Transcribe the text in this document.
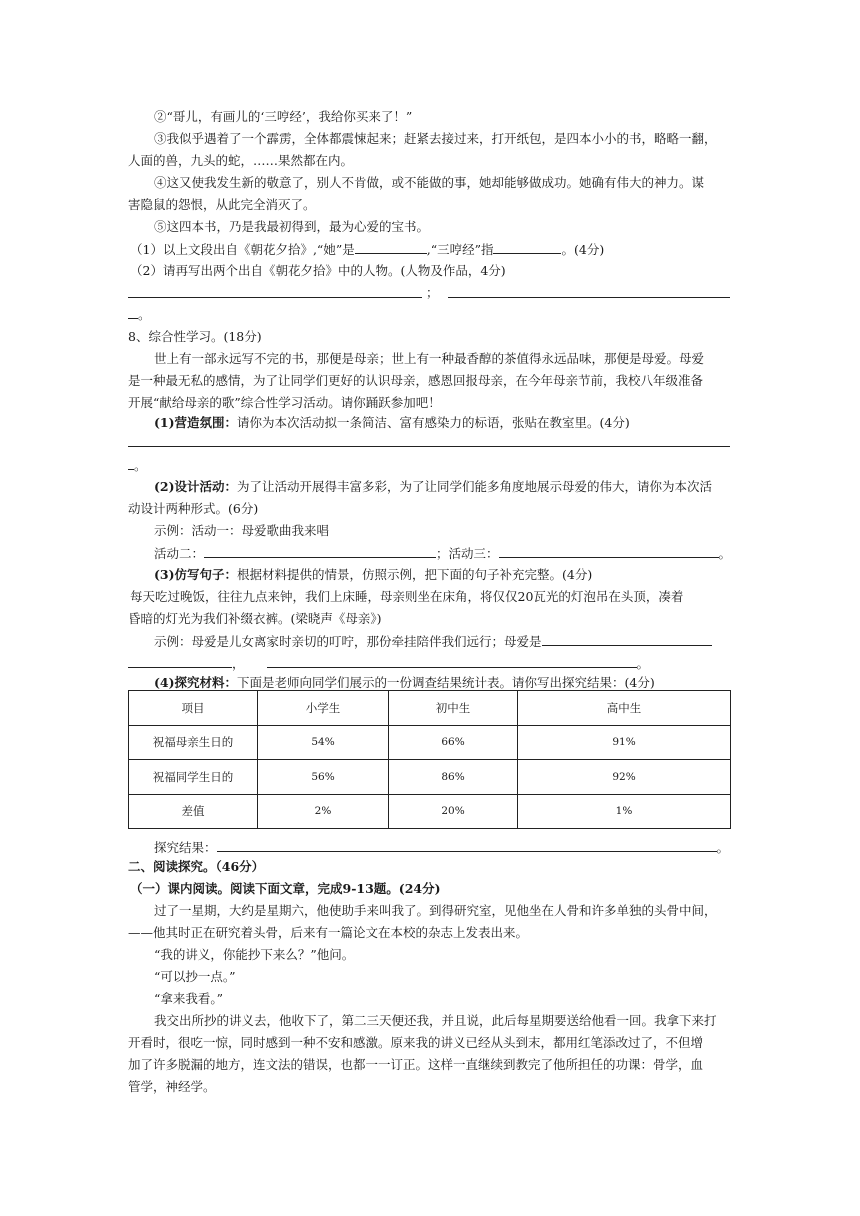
②“哥儿，有画儿的‘三哼经’，我给你买来了！”
③我似乎遇着了一个霹雳，全体都震悚起来；赶紧去接过来，打开纸包，是四本小小的书，略略一翻，
人面的兽，九头的蛇，……果然都在内。
④这又使我发生新的敬意了，别人不肯做，或不能做的事，她却能够做成功。她确有伟大的神力。谋
害隐鼠的怨恨，从此完全消灭了。
⑤这四本书，乃是我最初得到，最为心爱的宝书。
（1）以上文段出自《朝花夕拾》,“她”是	,“三哼经”指	。(4分)
（2）请再写出两个出自《朝花夕拾》中的人物。(人物及作品，4分)
；
。
8、综合性学习。(18分)
世上有一部永远写不完的书，那便是母亲；世上有一种最香醇的茶值得永远品味，那便是母爱。母爱
是一种最无私的感情，为了让同学们更好的认识母亲，感恩回报母亲，在今年母亲节前，我校八年级准备
开展“献给母亲的歌”综合性学习活动。请你踊跃参加吧！
(1)营造氛围：请你为本次活动拟一条简洁、富有感染力的标语，张贴在教室里。(4分)
。
(2)设计活动：为了让活动开展得丰富多彩，为了让同学们能多角度地展示母爱的伟大，请你为本次活
动设计两种形式。(6分)
示例：活动一：母爱歌曲我来唱
活动二：	；活动三：	。
(3)仿写句子：根据材料提供的情景，仿照示例，把下面的句子补充完整。(4分)
每天吃过晚饭，往往九点来钟，我们上床睡，母亲则坐在床角，将仅仅20瓦光的灯泡吊在头顶，凑着
昏暗的灯光为我们补缀衣裤。(梁晓声《母亲》)
示例：母爱是儿女离家时亲切的叮咛，那份牵挂陪伴我们远行；母爱是
，	。
(4)探究材料：下面是老师向同学们展示的一份调查结果统计表。请你写出探究结果：(4分)
项目	小学生	初中生	高中生
祝福母亲生日的	54%	66%	91%
祝福同学生日的	56%	86%	92%
差值	2%	20%	1%
探究结果：	。
二、阅读探究。（46分）
（一）课内阅读。阅读下面文章，完成9-13题。(24分)
过了一星期，大约是星期六，他使助手来叫我了。到得研究室，见他坐在人骨和许多单独的头骨中间，
——他其时正在研究着头骨，后来有一篇论文在本校的杂志上发表出来。
“我的讲义，你能抄下来么？”他问。
“可以抄一点。”
“拿来我看。”
我交出所抄的讲义去，他收下了，第二三天便还我，并且说，此后每星期要送给他看一回。我拿下来打
开看时，很吃一惊，同时感到一种不安和感激。原来我的讲义已经从头到末，都用红笔添改过了，不但增
加了许多脱漏的地方，连文法的错误，也都一一订正。这样一直继续到教完了他所担任的功课：骨学，血
管学，神经学。
